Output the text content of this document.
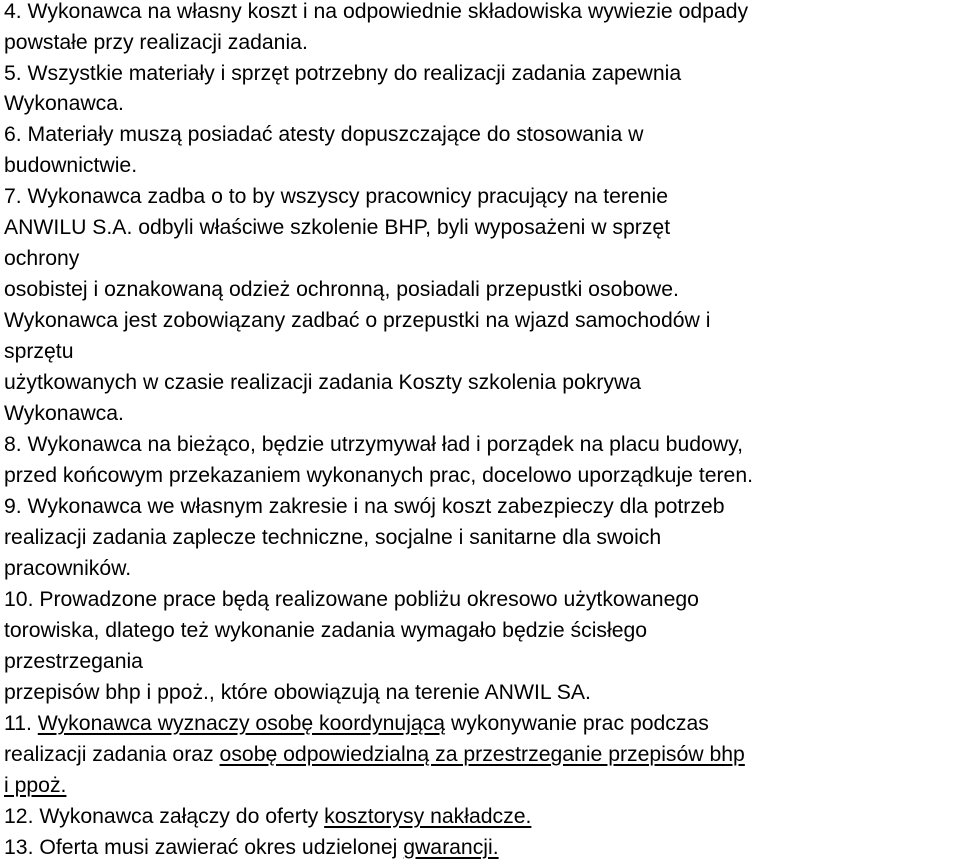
4. Wykonawca na własny koszt i na odpowiednie składowiska wywiezie odpady
powstałe przy realizacji zadania.
5. Wszystkie materiały i sprzęt potrzebny do realizacji zadania zapewnia
Wykonawca.
6. Materiały muszą posiadać atesty dopuszczające do stosowania w
budownictwie.
7. Wykonawca zadba o to by wszyscy pracownicy pracujący na terenie
ANWILU S.A. odbyli właściwe szkolenie BHP, byli wyposażeni w sprzęt
ochrony
osobistej i oznakowaną odzież ochronną, posiadali przepustki osobowe.
Wykonawca jest zobowiązany zadbać o przepustki na wjazd samochodów i
sprzętu
użytkowanych w czasie realizacji zadania Koszty szkolenia pokrywa
Wykonawca.
8. Wykonawca na bieżąco, będzie utrzymywał ład i porządek na placu budowy,
przed końcowym przekazaniem wykonanych prac, docelowo uporządkuje teren.
9. Wykonawca we własnym zakresie i na swój koszt zabezpieczy dla potrzeb
realizacji zadania zaplecze techniczne, socjalne i sanitarne dla swoich
pracowników.
10. Prowadzone prace będą realizowane pobliżu okresowo użytkowanego
torowiska, dlatego też wykonanie zadania wymagało będzie ścisłego
przestrzegania
przepisów bhp i ppoż., które obowiązują na terenie ANWIL SA.
11. Wykonawca wyznaczy osobę koordynującą wykonywanie prac podczas
realizacji zadania oraz osobę odpowiedzialną za przestrzeganie przepisów bhp
i ppoż.
12. Wykonawca załączy do oferty kosztorysy nakładcze.
13. Oferta musi zawierać okres udzielonej gwarancji.
